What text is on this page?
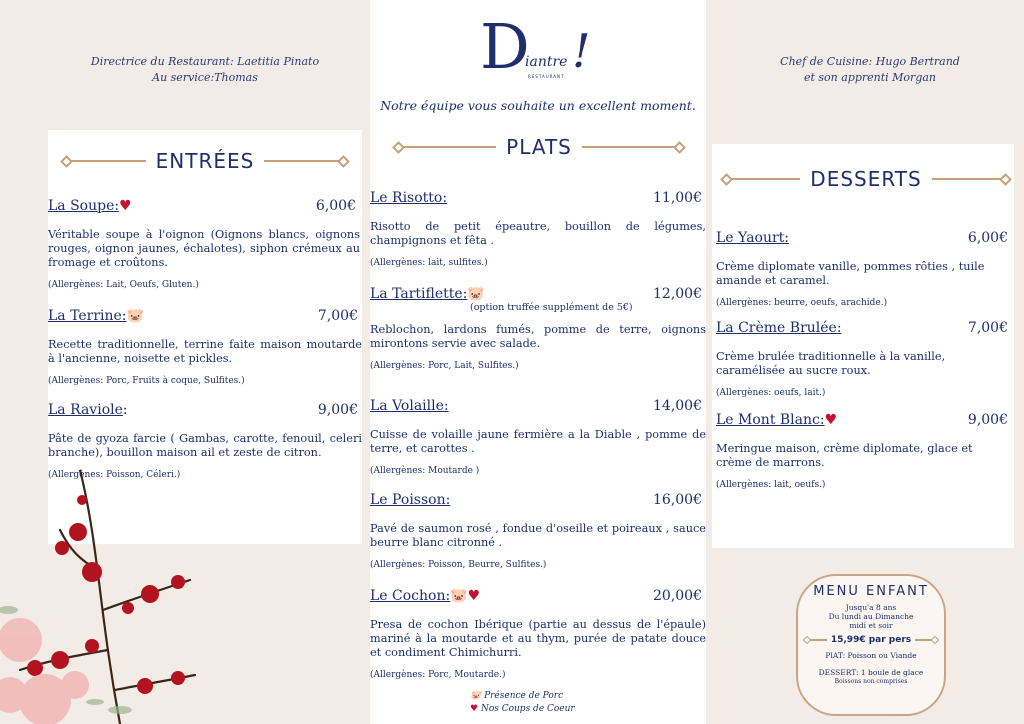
Directrice du Restaurant: Laetitia Pinato
Au service:Thomas
Chef de Cuisine: Hugo Bertrand
et son apprenti Morgan
ENTRÉES
La Soupe:♥	6,00€
Véritable soupe à l'oignon (Oignons blancs, oignons rouges, oignon jaunes, échalotes), siphon crémeux au fromage et croûtons.
(Allergènes: Lait, Oeufs, Gluten.)
La Terrine:🐷	7,00€
Recette traditionnelle, terrine faite maison moutarde à l'ancienne, noisette et pickles.
(Allergènes: Porc, Fruits à coque, Sulfites.)
La Raviole:	9,00€
Pâte de gyoza farcie ( Gambas, carotte, fenouil, celeri branche), bouillon maison ail et zeste de citron.
(Allergènes: Poisson, Céleri.)
D
iantre !
RESTAURANT
Notre équipe vous souhaite un excellent moment.
PLATS
Le Risotto:	11,00€
Risotto de petit épeautre, bouillon de légumes, champignons et fêta .
(Allergènes: lait, sulfites.)
La Tartiflette:🐷	12,00€
(option truffée supplément de 5€)
Reblochon, lardons fumés, pomme de terre, oignons mirontons servie avec salade.
(Allergènes: Porc, Lait, Sulfites.)
La Volaille:	14,00€
Cuisse de volaille jaune fermière a la Diable , pomme de terre, et carottes .
(Allergènes: Moutarde )
Le Poisson:	16,00€
Pavé de saumon rosé , fondue d'oseille et poireaux , sauce beurre blanc citronné .
(Allergènes: Poisson, Beurre, Sulfites.)
Le Cochon:🐷♥	20,00€
Presa de cochon Ibérique (partie au dessus de l'épaule) mariné à la moutarde et au thym, purée de patate douce et condiment Chimichurri.
(Allergènes: Porc, Moutarde.)
🐷 Présence de Porc
♥ Nos Coups de Coeur
DESSERTS
Le Yaourt:	6,00€
Crème diplomate vanille, pommes rôties , tuile amande et caramel.
(Allergènes: beurre, oeufs, arachide.)
La Crème Brulée:	7,00€
Crème brulée traditionnelle à la vanille, caramélisée au sucre roux.
(Allergènes: oeufs, lait.)
Le Mont Blanc:♥	9,00€
Meringue maison, crème diplomate, glace et crème de marrons.
(Allergènes: lait, oeufs.)
MENU ENFANT
Jusqu'a 8 ans
Du lundi au Dimanche
midi et soir
15,99€ par pers
PlAT: Poisson ou Viande
DESSERT: 1 boule de glace
Boissons non comprises
